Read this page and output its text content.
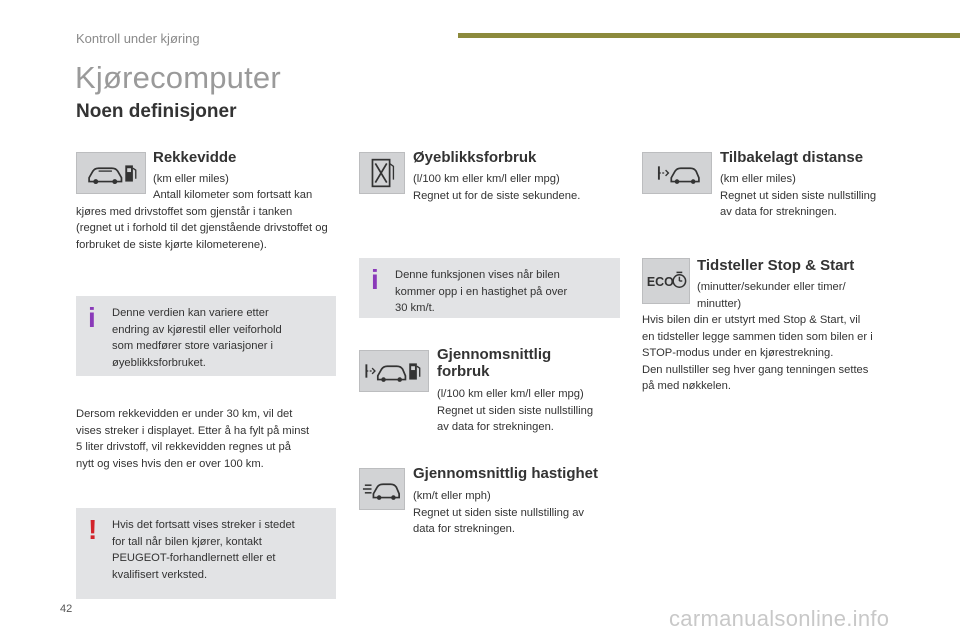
Kontroll under kjøring
Kjørecomputer
Noen definisjoner
Rekkevidde
(km eller miles)
Antall kilometer som fortsatt kan
kjøres med drivstoffet som gjenstår i tanken
(regnet ut i forhold til det gjenstående drivstoffet og
forbruket de siste kjørte kilometerene).
i Denne verdien kan variere etter
endring av kjørestil eller veiforhold
som medfører store variasjoner i
øyeblikksforbruket.
Dersom rekkevidden er under 30 km, vil det
vises streker i displayet. Etter å ha fylt på minst
5 liter drivstoff, vil rekkevidden regnes ut på
nytt og vises hvis den er over 100 km.
! Hvis det fortsatt vises streker i stedet
for tall når bilen kjører, kontakt
PEUGEOT-forhandlernett eller et
kvalifisert verksted.
Øyeblikksforbruk
(l/100 km eller km/l eller mpg)
Regnet ut for de siste sekundene.
i Denne funksjonen vises når bilen
kommer opp i en hastighet på over
30 km/t.
Gjennomsnittlig
forbruk
(l/100 km eller km/l eller mpg)
Regnet ut siden siste nullstilling
av data for strekningen.
Gjennomsnittlig hastighet
(km/t eller mph)
Regnet ut siden siste nullstilling av
data for strekningen.
Tilbakelagt distanse
(km eller miles)
Regnet ut siden siste nullstilling
av data for strekningen.
ECO
Tidsteller Stop & Start
(minutter/sekunder eller timer/
minutter)
Hvis bilen din er utstyrt med Stop & Start, vil
en tidsteller legge sammen tiden som bilen er i
STOP-modus under en kjørestrekning.
Den nullstiller seg hver gang tenningen settes
på med nøkkelen.
42	carmanualsonline.info
